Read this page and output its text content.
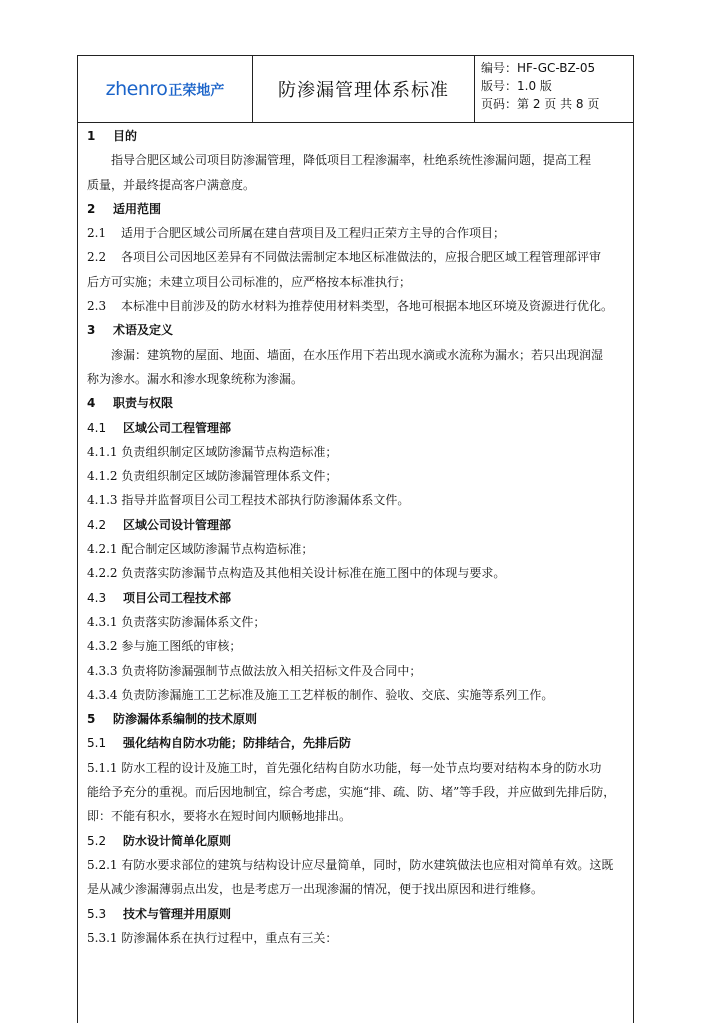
zhenro 正荣地产	防渗漏管理体系标准
编号：HF-GC-BZ-05
版号：1.0 版
页码：第 2 页 共 8 页
1 目的
指导合肥区域公司项目防渗漏管理，降低项目工程渗漏率，杜绝系统性渗漏问题，提高工程
质量，并最终提高客户满意度。
2 适用范围
2.1 适用于合肥区域公司所属在建自营项目及工程归正荣方主导的合作项目；
2.2 各项目公司因地区差异有不同做法需制定本地区标准做法的，应报合肥区域工程管理部评审
后方可实施；未建立项目公司标准的，应严格按本标准执行；
2.3 本标准中目前涉及的防水材料为推荐使用材料类型，各地可根据本地区环境及资源进行优化。
3 术语及定义
渗漏：建筑物的屋面、地面、墙面，在水压作用下若出现水滴或水流称为漏水；若只出现润湿
称为渗水。漏水和渗水现象统称为渗漏。
4 职责与权限
4.1 区域公司工程管理部
4.1.1 负责组织制定区域防渗漏节点构造标准；
4.1.2 负责组织制定区域防渗漏管理体系文件；
4.1.3 指导并监督项目公司工程技术部执行防渗漏体系文件。
4.2 区域公司设计管理部
4.2.1 配合制定区域防渗漏节点构造标准；
4.2.2 负责落实防渗漏节点构造及其他相关设计标准在施工图中的体现与要求。
4.3 项目公司工程技术部
4.3.1 负责落实防渗漏体系文件；
4.3.2 参与施工图纸的审核；
4.3.3 负责将防渗漏强制节点做法放入相关招标文件及合同中；
4.3.4 负责防渗漏施工工艺标准及施工工艺样板的制作、验收、交底、实施等系列工作。
5 防渗漏体系编制的技术原则
5.1 强化结构自防水功能；防排结合，先排后防
5.1.1 防水工程的设计及施工时，首先强化结构自防水功能，每一处节点均要对结构本身的防水功
能给予充分的重视。而后因地制宜，综合考虑，实施“排、疏、防、堵”等手段，并应做到先排后防，
即：不能有积水，要将水在短时间内顺畅地排出。
5.2 防水设计简单化原则
5.2.1 有防水要求部位的建筑与结构设计应尽量简单，同时，防水建筑做法也应相对简单有效。这既
是从减少渗漏薄弱点出发，也是考虑万一出现渗漏的情况，便于找出原因和进行维修。
5.3 技术与管理并用原则
5.3.1 防渗漏体系在执行过程中，重点有三关：
